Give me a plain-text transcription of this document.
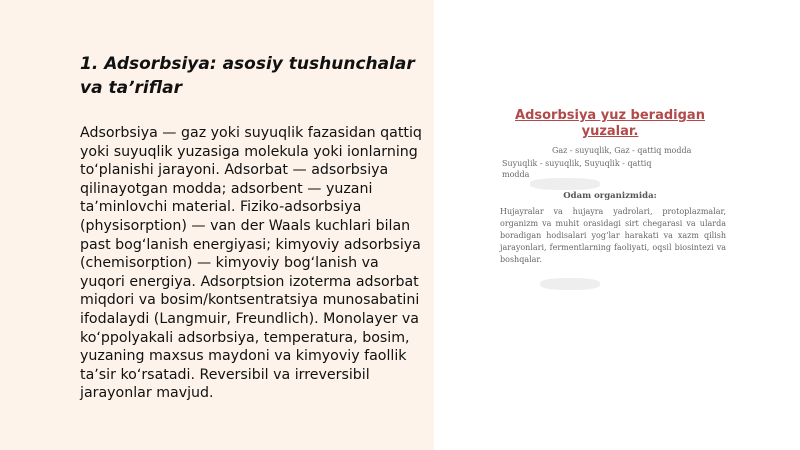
1. Adsorbsiya: asosiy tushunchalar va taʼriflar

Adsorbsiya — gaz yoki suyuqlik fazasidan qattiq yoki suyuqlik yuzasiga molekula yoki ionlarning toʻplanishi jarayoni. Adsorbat — adsorbsiya qilinayotgan modda; adsorbent — yuzani taʼminlovchi material. Fiziko-adsorbsiya (physisorption) — van der Waals kuchlari bilan past bogʻlanish energiyasi; kimyoviy adsorbsiya (chemisorption) — kimyoviy bogʻlanish va yuqori energiya. Adsorptsion izoterma adsorbat miqdori va bosim/kontsentratsiya munosabatini ifodalaydi (Langmuir, Freundlich). Monolayer va koʻppolyakali adsorbsiya, temperatura, bosim, yuzaning maxsus maydoni va kimyoviy faollik taʼsir koʻrsatadi. Reversibil va irreversibil jarayonlar mavjud.

Adsorbsiya yuz beradigan yuzalar.

Gaz - suyuqlik, Gaz - qattiq modda

Suyuqlik - suyuqlik, Suyuqlik - qattiq modda

Odam organizmida:

Hujayralar va hujayra yadrolari, protoplazmalar, organizm va muhit orasidagi sirt chegarasi va ularda boradigan hodisalari yogʻlar harakati va xazm qilish jarayonlari, fermentlarning faoliyati, oqsil biosintezi va boshqalar.
